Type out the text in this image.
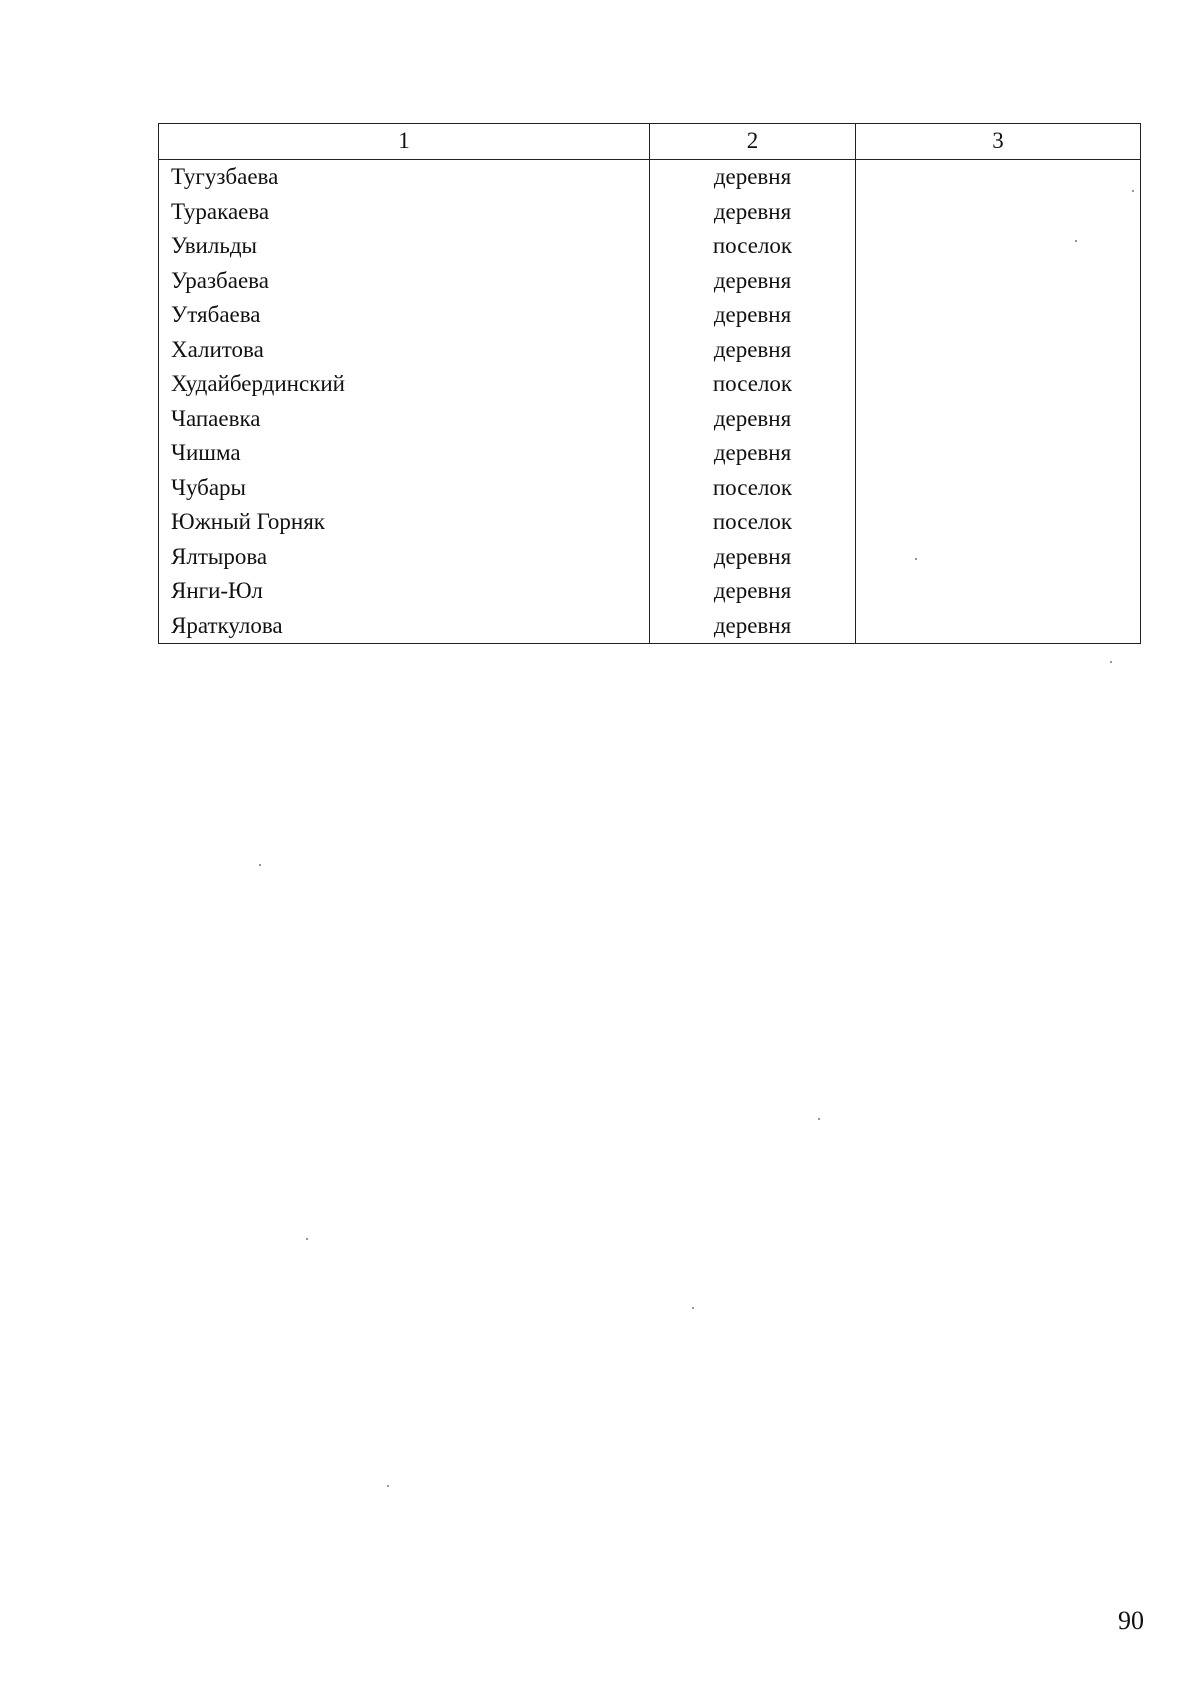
1	2	3
Тугузбаева	деревня	
Туракаева	деревня	
Увильды	поселок	
Уразбаева	деревня	
Утябаева	деревня	
Халитова	деревня	
Худайбердинский	поселок	
Чапаевка	деревня	
Чишма	деревня	
Чубары	поселок	
Южный Горняк	поселок	
Ялтырова	деревня	
Янги-Юл	деревня	
Яраткулова	деревня	
90
